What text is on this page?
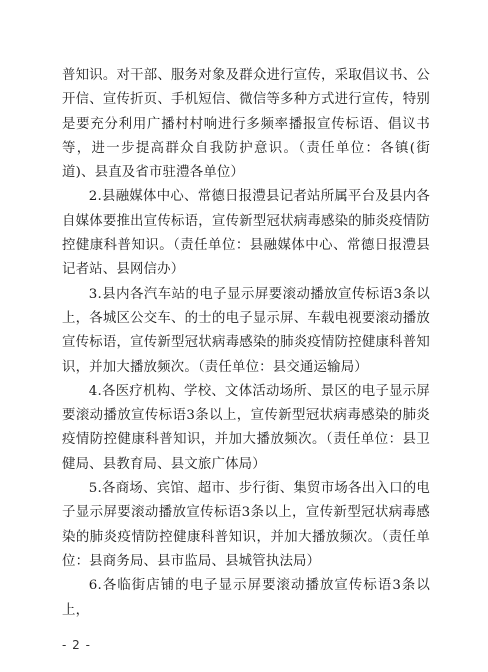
普知识。对干部、服务对象及群众进行宣传，采取倡议书、公开信、宣传折页、手机短信、微信等多种方式进行宣传，特别是要充分利用广播村村响进行多频率播报宣传标语、倡议书等，进一步提高群众自我防护意识。（责任单位：各镇(街道)、县直及省市驻澧各单位）

2.县融媒体中心、常德日报澧县记者站所属平台及县内各自媒体要推出宣传标语，宣传新型冠状病毒感染的肺炎疫情防控健康科普知识。（责任单位：县融媒体中心、常德日报澧县记者站、县网信办）

3.县内各汽车站的电子显示屏要滚动播放宣传标语3条以上，各城区公交车、的士的电子显示屏、车载电视要滚动播放宣传标语，宣传新型冠状病毒感染的肺炎疫情防控健康科普知识，并加大播放频次。（责任单位：县交通运输局）

4.各医疗机构、学校、文体活动场所、景区的电子显示屏要滚动播放宣传标语3条以上，宣传新型冠状病毒感染的肺炎疫情防控健康科普知识，并加大播放频次。（责任单位：县卫健局、县教育局、县文旅广体局）

5.各商场、宾馆、超市、步行街、集贸市场各出入口的电子显示屏要滚动播放宣传标语3条以上，宣传新型冠状病毒感染的肺炎疫情防控健康科普知识，并加大播放频次。（责任单位：县商务局、县市监局、县城管执法局）

6.各临街店铺的电子显示屏要滚动播放宣传标语3条以上，

- 2 -
